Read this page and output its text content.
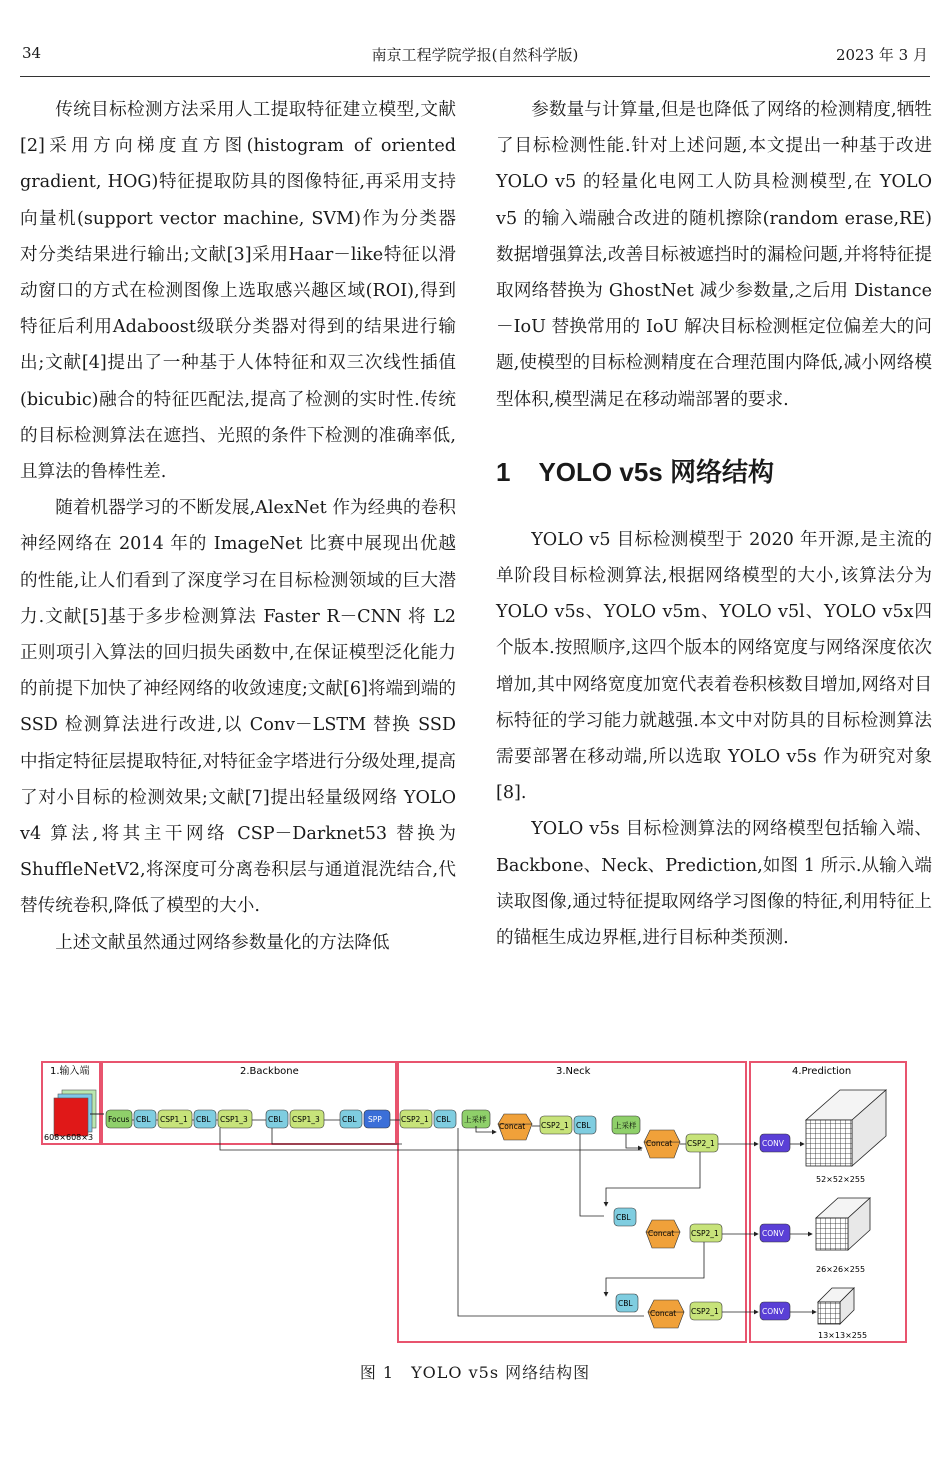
34	南京工程学院学报(自然科学版)	2023 年 3 月

传统目标检测方法采用人工提取特征建立模型,文献[2]采用方向梯度直方图(histogram of oriented gradient, HOG)特征提取防具的图像特征,再采用支持向量机(support vector machine, SVM)作为分类器对分类结果进行输出;文献[3]采用Haar－like特征以滑动窗口的方式在检测图像上选取感兴趣区域(ROI),得到特征后利用Adaboost级联分类器对得到的结果进行输出;文献[4]提出了一种基于人体特征和双三次线性插值(bicubic)融合的特征匹配法,提高了检测的实时性.传统的目标检测算法在遮挡、光照的条件下检测的准确率低,且算法的鲁棒性差.

随着机器学习的不断发展,AlexNet 作为经典的卷积神经网络在 2014 年的 ImageNet 比赛中展现出优越的性能,让人们看到了深度学习在目标检测领域的巨大潜力.文献[5]基于多步检测算法 Faster R－CNN 将 L2 正则项引入算法的回归损失函数中,在保证模型泛化能力的前提下加快了神经网络的收敛速度;文献[6]将端到端的 SSD 检测算法进行改进,以 Conv－LSTM 替换 SSD 中指定特征层提取特征,对特征金字塔进行分级处理,提高了对小目标的检测效果;文献[7]提出轻量级网络 YOLO v4 算法,将其主干网络 CSP－Darknet53 替换为 ShuffleNetV2,将深度可分离卷积层与通道混洗结合,代替传统卷积,降低了模型的大小.

上述文献虽然通过网络参数量化的方法降低

参数量与计算量,但是也降低了网络的检测精度,牺牲了目标检测性能.针对上述问题,本文提出一种基于改进 YOLO v5 的轻量化电网工人防具检测模型,在 YOLO v5 的输入端融合改进的随机擦除(random erase,RE)数据增强算法,改善目标被遮挡时的漏检问题,并将特征提取网络替换为 GhostNet 减少参数量,之后用 Distance－IoU 替换常用的 IoU 解决目标检测框定位偏差大的问题,使模型的目标检测精度在合理范围内降低,减小网络模型体积,模型满足在移动端部署的要求.

1 YOLO v5s 网络结构

YOLO v5 目标检测模型于 2020 年开源,是主流的单阶段目标检测算法,根据网络模型的大小,该算法分为 YOLO v5s、YOLO v5m、YOLO v5l、YOLO v5x四个版本.按照顺序,这四个版本的网络宽度与网络深度依次增加,其中网络宽度加宽代表着卷积核数目增加,网络对目标特征的学习能力就越强.本文中对防具的目标检测算法需要部署在移动端,所以选取 YOLO v5s 作为研究对象[8].

YOLO v5s 目标检测算法的网络模型包括输入端、Backbone、Neck、Prediction,如图 1 所示.从输入端读取图像,通过特征提取网络学习图像的特征,利用特征上的锚框生成边界框,进行目标种类预测.

1.输入端	2.Backbone	3.Neck	4.Prediction
608×608×3
Focus CBL CSP1_1 CBL CSP1_3	CBL CSP1_3	CBL SPP	CSP2_1 CBL 上采样
Concat CSP2_1 CBL	上采样
Concat CSP2_1
CBL
Concat CSP2_1
CBL
Concat CSP2_1
CONV
CONV
CONV
52×52×255
26×26×255
13×13×255
图 1　YOLO v5s 网络结构图
